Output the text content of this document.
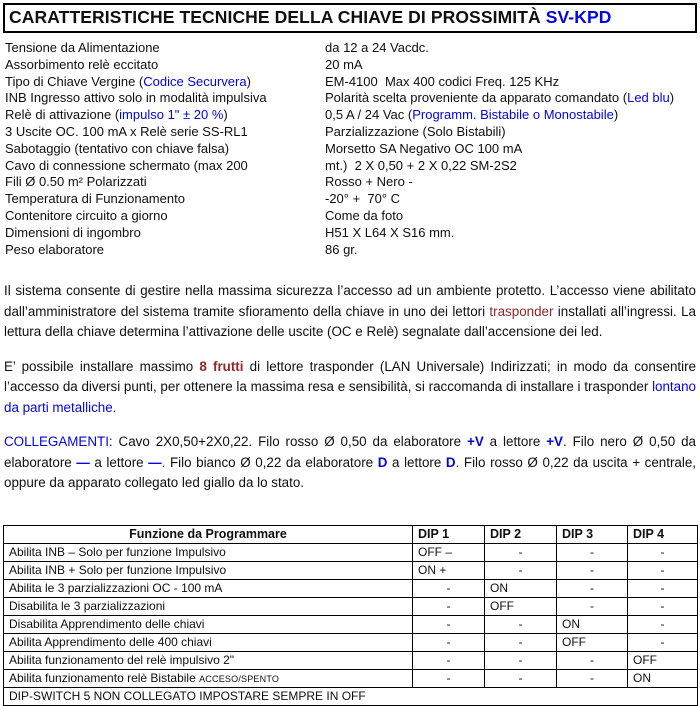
CARATTERISTICHE TECNICHE DELLA CHIAVE DI PROSSIMITÀ SV-KPD
Tensione da Alimentazione	da 12 a 24 Vacdc.
Assorbimento relè eccitato	20 mA
Tipo di Chiave Vergine (Codice Securvera)	EM-4100  Max 400 codici Freq. 125 KHz
INB Ingresso attivo solo in modalità impulsiva	Polarità scelta proveniente da apparato comandato (Led blu)
Relè di attivazione (impulso 1" ± 20 %)	0,5 A / 24 Vac (Programm. Bistabile o Monostabile)
3 Uscite OC. 100 mA x Relè serie SS-RL1	Parzializzazione (Solo Bistabili)
Sabotaggio (tentativo con chiave falsa)	Morsetto SA Negativo OC 100 mA
Cavo di connessione schermato (max 200	mt.)  2 X 0,50 + 2 X 0,22 SM-2S2
Fili Ø 0.50 m² Polarizzati	Rosso + Nero -
Temperatura di Funzionamento	-20° +  70° C
Contenitore circuito a giorno	Come da foto
Dimensioni di ingombro	H51 X L64 X S16 mm.
Peso elaboratore	86 gr.

Il sistema consente di gestire nella massima sicurezza l’accesso ad un ambiente protetto. L’accesso viene abilitato dall’amministratore del sistema tramite sfioramento della chiave in uno dei lettori trasponder installati all’ingressi. La lettura della chiave determina l’attivazione delle uscite (OC e Relè) segnalate dall’accensione dei led.

E’ possibile installare massimo 8 frutti di lettore trasponder (LAN Universale) Indirizzati; in modo da consentire l’accesso da diversi punti, per ottenere la massima resa e sensibilità, si raccomanda di installare i trasponder lontano da parti metalliche.

COLLEGAMENTI: Cavo 2X0,50+2X0,22. Filo rosso Ø 0,50 da elaboratore +V a lettore +V. Filo nero Ø 0,50 da elaboratore — a lettore —. Filo bianco Ø 0,22 da elaboratore D a lettore D. Filo rosso Ø 0,22 da uscita + centrale, oppure da apparato collegato led giallo da lo stato.

Funzione da Programmare	DIP 1	DIP 2	DIP 3	DIP 4
Abilita INB – Solo per funzione Impulsivo	OFF –	-	-	-
Abilita INB + Solo per funzione Impulsivo	ON +	-	-	-
Abilita le 3 parzializzazioni OC - 100 mA	-	ON	-	-
Disabilita le 3 parzializzazioni	-	OFF	-	-
Disabilita Apprendimento delle chiavi	-	-	ON	-
Abilita Apprendimento delle 400 chiavi	-	-	OFF	-
Abilita funzionamento del relè impulsivo 2"	-	-	-	OFF
Abilita funzionamento relè Bistabile ACCESO/SPENTO	-	-	-	ON
DIP-SWITCH 5 NON COLLEGATO IMPOSTARE SEMPRE IN OFF				
